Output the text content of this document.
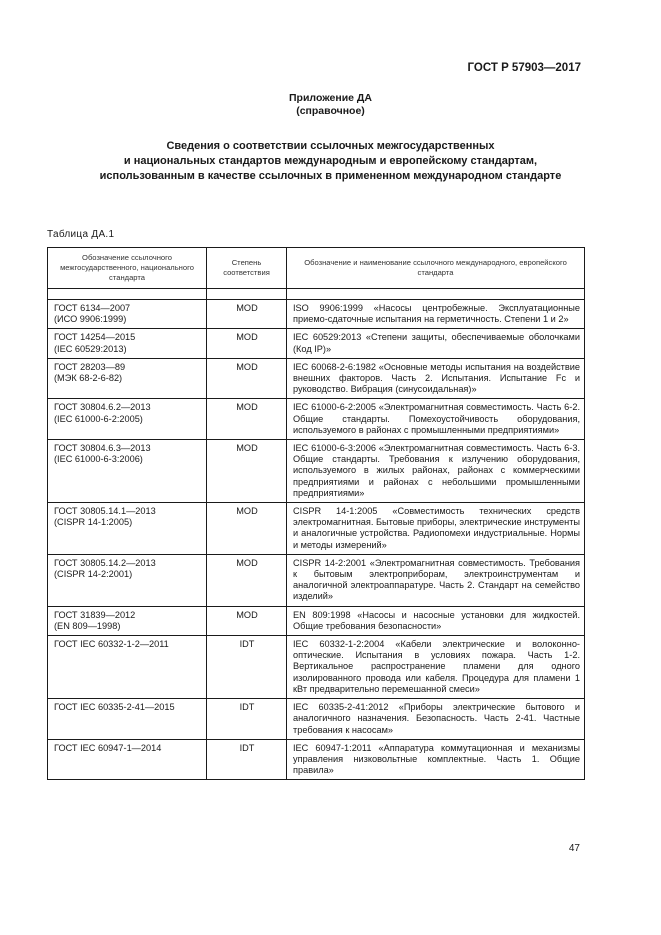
ГОСТ Р 57903—2017
Приложение ДА
(справочное)
Сведения о соответствии ссылочных межгосударственных
и национальных стандартов международным и европейскому стандартам,
использованным в качестве ссылочных в примененном международном стандарте
Таблица ДА.1
Обозначение ссылочного межгосударственного, национального стандарта	Степень соответствия	Обозначение и наименование ссылочного международного, европейского стандарта

ГОСТ 6134—2007
(ИСО 9906:1999)	MOD	ISO 9906:1999 «Насосы центробежные. Эксплуатационные приемо-сдаточные испытания на герметичность. Степени 1 и 2»

ГОСТ 14254—2015
(IEC 60529:2013)	MOD	IEC 60529:2013 «Степени защиты, обеспечиваемые оболочками (Код IP)»

ГОСТ 28203—89
(МЭК 68-2-6-82)	MOD	IEC 60068-2-6:1982 «Основные методы испытания на воздействие внешних факторов. Часть 2. Испытания. Испытание Fc и руководство. Вибрация (синусоидальная)»

ГОСТ 30804.6.2—2013
(IEC 61000-6-2:2005)	MOD	IEC 61000-6-2:2005 «Электромагнитная совместимость. Часть 6-2. Общие стандарты. Помехоустойчивость оборудования, используемого в районах с промышленными предприятиями»

ГОСТ 30804.6.3—2013
(IEC 61000-6-3:2006)	MOD	IEC 61000-6-3:2006 «Электромагнитная совместимость. Часть 6-3. Общие стандарты. Требования к излучению оборудования, используемого в жилых районах, районах с коммерческими предприятиями и районах с небольшими промышленными предприятиями»

ГОСТ 30805.14.1—2013
(CISPR 14-1:2005)	MOD	CISPR 14-1:2005 «Совместимость технических средств электромагнитная. Бытовые приборы, электрические инструменты и аналогичные устройства. Радиопомехи индустриальные. Нормы и методы измерений»

ГОСТ 30805.14.2—2013
(CISPR 14-2:2001)	MOD	CISPR 14-2:2001 «Электромагнитная совместимость. Требования к бытовым электроприборам, электроинструментам и аналогичной электроаппаратуре. Часть 2. Стандарт на семейство изделий»

ГОСТ 31839—2012
(EN 809—1998)	MOD	EN 809:1998 «Насосы и насосные установки для жидкостей. Общие требования безопасности»

ГОСТ IEC 60332-1-2—2011	IDT	IEC 60332-1-2:2004 «Кабели электрические и волоконно-оптические. Испытания в условиях пожара. Часть 1-2. Вертикальное распространение пламени для одного изолированного провода или кабеля. Процедура для пламени 1 кВт предварительно перемешанной смеси»

ГОСТ IEC 60335-2-41—2015	IDT	IEC 60335-2-41:2012 «Приборы электрические бытового и аналогичного назначения. Безопасность. Часть 2-41. Частные требования к насосам»

ГОСТ IEC 60947-1—2014	IDT	IEC 60947-1:2011 «Аппаратура коммутационная и механизмы управления низковольтные комплектные. Часть 1. Общие правила»
47
